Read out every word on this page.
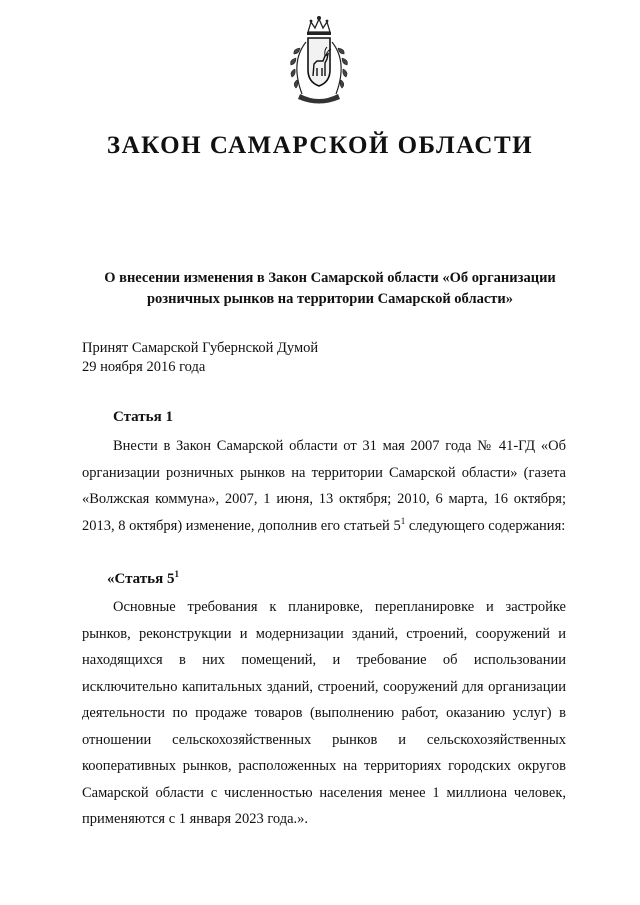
ЗАКОН САМАРСКОЙ ОБЛАСТИ
О внесении изменения в Закон Самарской области «Об организации
розничных рынков на территории Самарской области»
Принят Самарской Губернской Думой
29 ноября 2016 года
Статья 1
Внести в Закон Самарской области от 31 мая 2007 года № 41-ГД «Об организации розничных рынков на территории Самарской области» (газета «Волжская коммуна», 2007, 1 июня, 13 октября; 2010, 6 марта, 16 октября; 2013, 8 октября) изменение, дополнив его статьей $5^1$ следующего содержания:
«Статья $5^1$
Основные требования к планировке, перепланировке и застройке рынков, реконструкции и модернизации зданий, строений, сооружений и находящихся в них помещений, и требование об использовании исключительно капитальных зданий, строений, сооружений для организации деятельности по продаже товаров (выполнению работ, оказанию услуг) в отношении сельскохозяйственных рынков и сельскохозяйственных кооперативных рынков, расположенных на территориях городских округов Самарской области с численностью населения менее 1 миллиона человек, применяются с 1 января 2023 года.».
